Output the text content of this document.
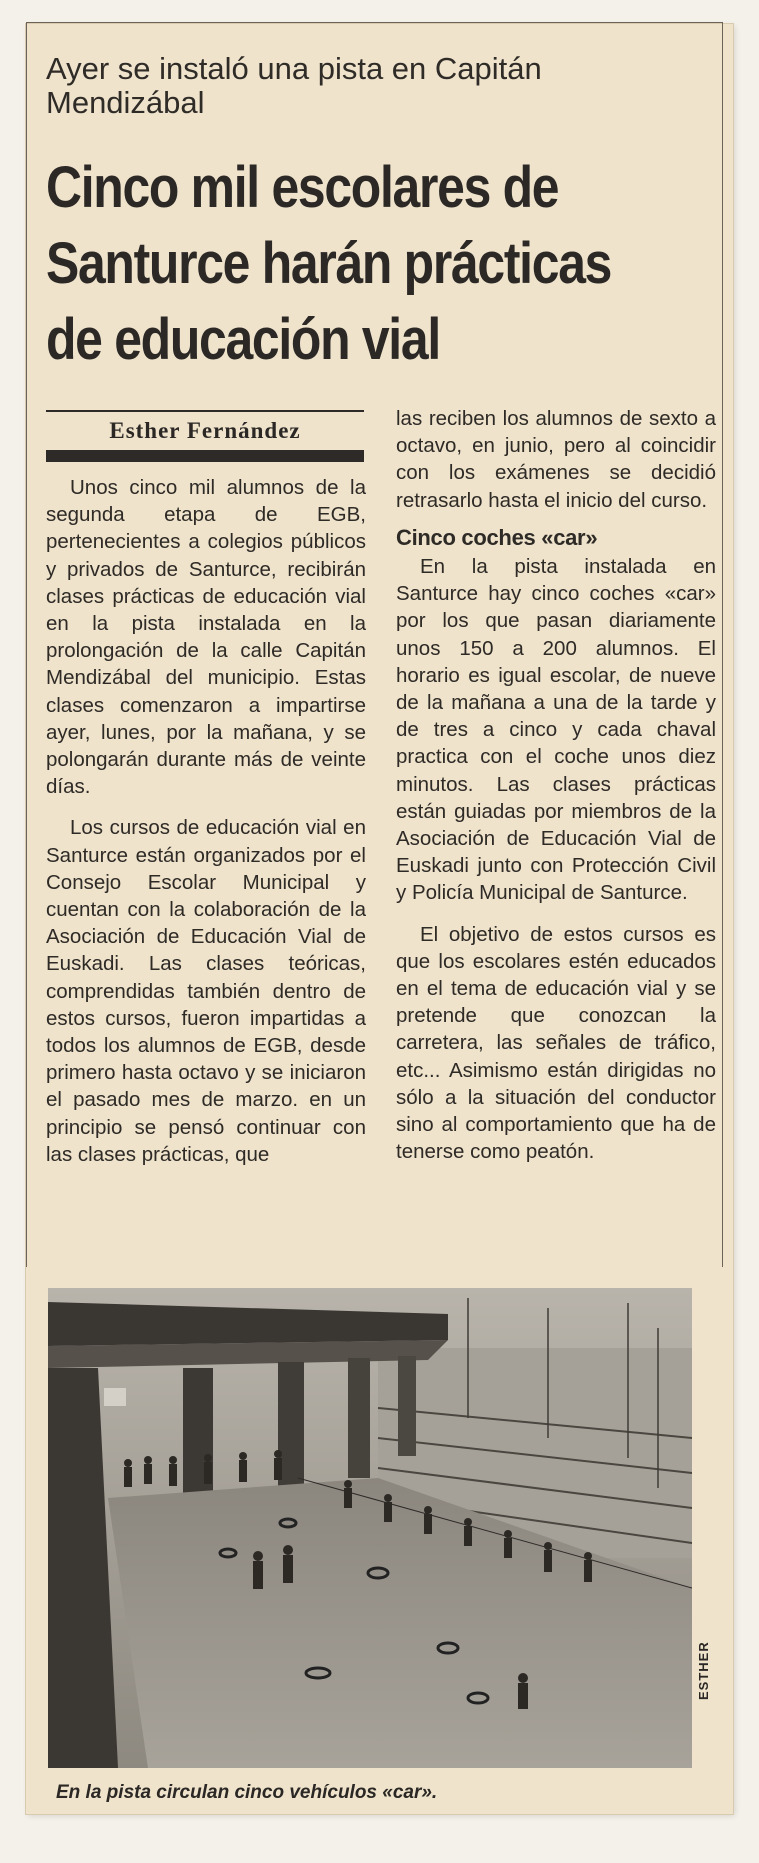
Ayer se instaló una pista en Capitán Mendizábal
Cinco mil escolares de
Santurce harán prácticas
de educación vial
Esther Fernández

Unos cinco mil alumnos de la segunda etapa de EGB, pertenecientes a colegios públicos y privados de Santurce, recibirán clases prácticas de educación vial en la pista instalada en la prolongación de la calle Capitán Mendizábal del municipio. Estas clases comenzaron a impartirse ayer, lunes, por la mañana, y se polongarán durante más de veinte días.

Los cursos de educación vial en Santurce están organizados por el Consejo Escolar Municipal y cuentan con la colaboración de la Asociación de Educación Vial de Euskadi. Las clases teóricas, comprendidas también dentro de estos cursos, fueron impartidas a todos los alumnos de EGB, desde primero hasta octavo y se iniciaron el pasado mes de marzo. en un principio se pensó continuar con las clases prácticas, que

las reciben los alumnos de sexto a octavo, en junio, pero al coincidir con los exámenes se decidió retrasarlo hasta el inicio del curso.

Cinco coches «car»

En la pista instalada en Santurce hay cinco coches «car» por los que pasan diariamente unos 150 a 200 alumnos. El horario es igual escolar, de nueve de la mañana a una de la tarde y de tres a cinco y cada chaval practica con el coche unos diez minutos. Las clases prácticas están guiadas por miembros de la Asociación de Educación Vial de Euskadi junto con Protección Civil y Policía Municipal de Santurce.

El objetivo de estos cursos es que los escolares estén educados en el tema de educación vial y se pretende que conozcan la carretera, las señales de tráfico, etc... Asimismo están dirigidas no sólo a la situación del conductor sino al comportamiento que ha de tenerse como peatón.

ESTHER
En la pista circulan cinco vehículos «car».
